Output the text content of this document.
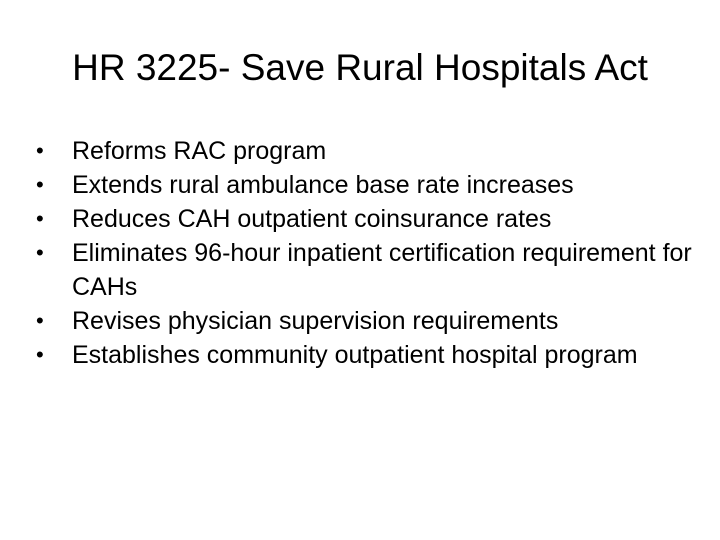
HR 3225- Save Rural Hospitals Act
•	Reforms RAC program
•	Extends rural ambulance base rate increases
•	Reduces CAH outpatient coinsurance rates
•	Eliminates 96-hour inpatient certification requirement for CAHs
•	Revises physician supervision requirements
•	Establishes community outpatient hospital program
